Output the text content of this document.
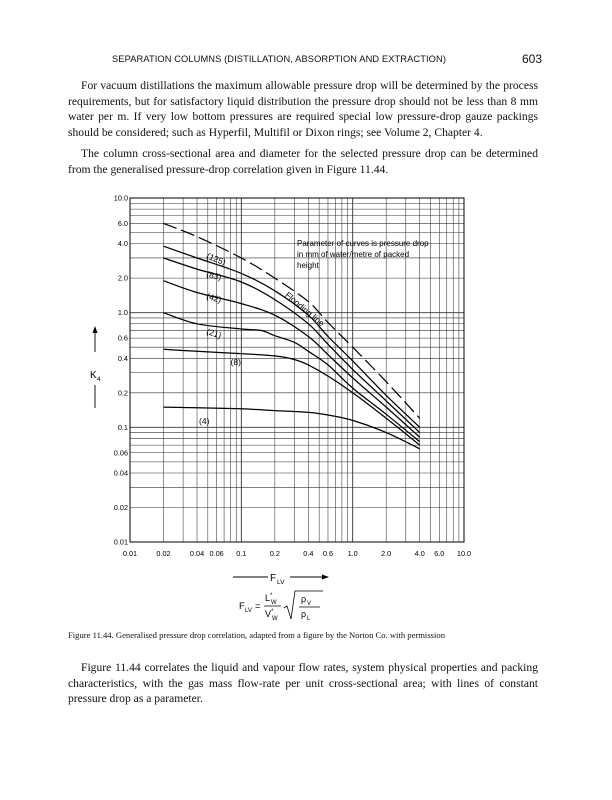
SEPARATION COLUMNS (DISTILLATION, ABSORPTION AND EXTRACTION)	603

For vacuum distillations the maximum allowable pressure drop will be determined by the process requirements, but for satisfactory liquid distribution the pressure drop should not be less than 8 mm water per m. If very low bottom pressures are required special low pressure-drop gauze packings should be considered; such as Hyperfil, Multifil or Dixon rings; see Volume 2, Chapter 4.

The column cross-sectional area and diameter for the selected pressure drop can be determined from the generalised pressure-drop correlation given in Figure 11.44.

0.01	0.02	0.04 0.06 0.1	0.2	0.4 0.6 1.0	2.0	4.0 6.0 10.0
0.01
0.02
0.04
0.06
0.1
0.2
0.4
0.6
1.0
2.0
4.0
6.0
10.0
(4)
(8)
(21)
(42)
(83)
(125)
Flooding line
Parameter of curves is pressure drop
in mm of water/metre of packed
height
K 4
F LV
F LV =
L *
W
V *
W
ρ V
ρ L
Figure 11.44. Generalised pressure drop correlation, adapted from a figure by the Norton Co. with permission

Figure 11.44 correlates the liquid and vapour flow rates, system physical properties and packing characteristics, with the gas mass flow-rate per unit cross-sectional area; with lines of constant pressure drop as a parameter.
